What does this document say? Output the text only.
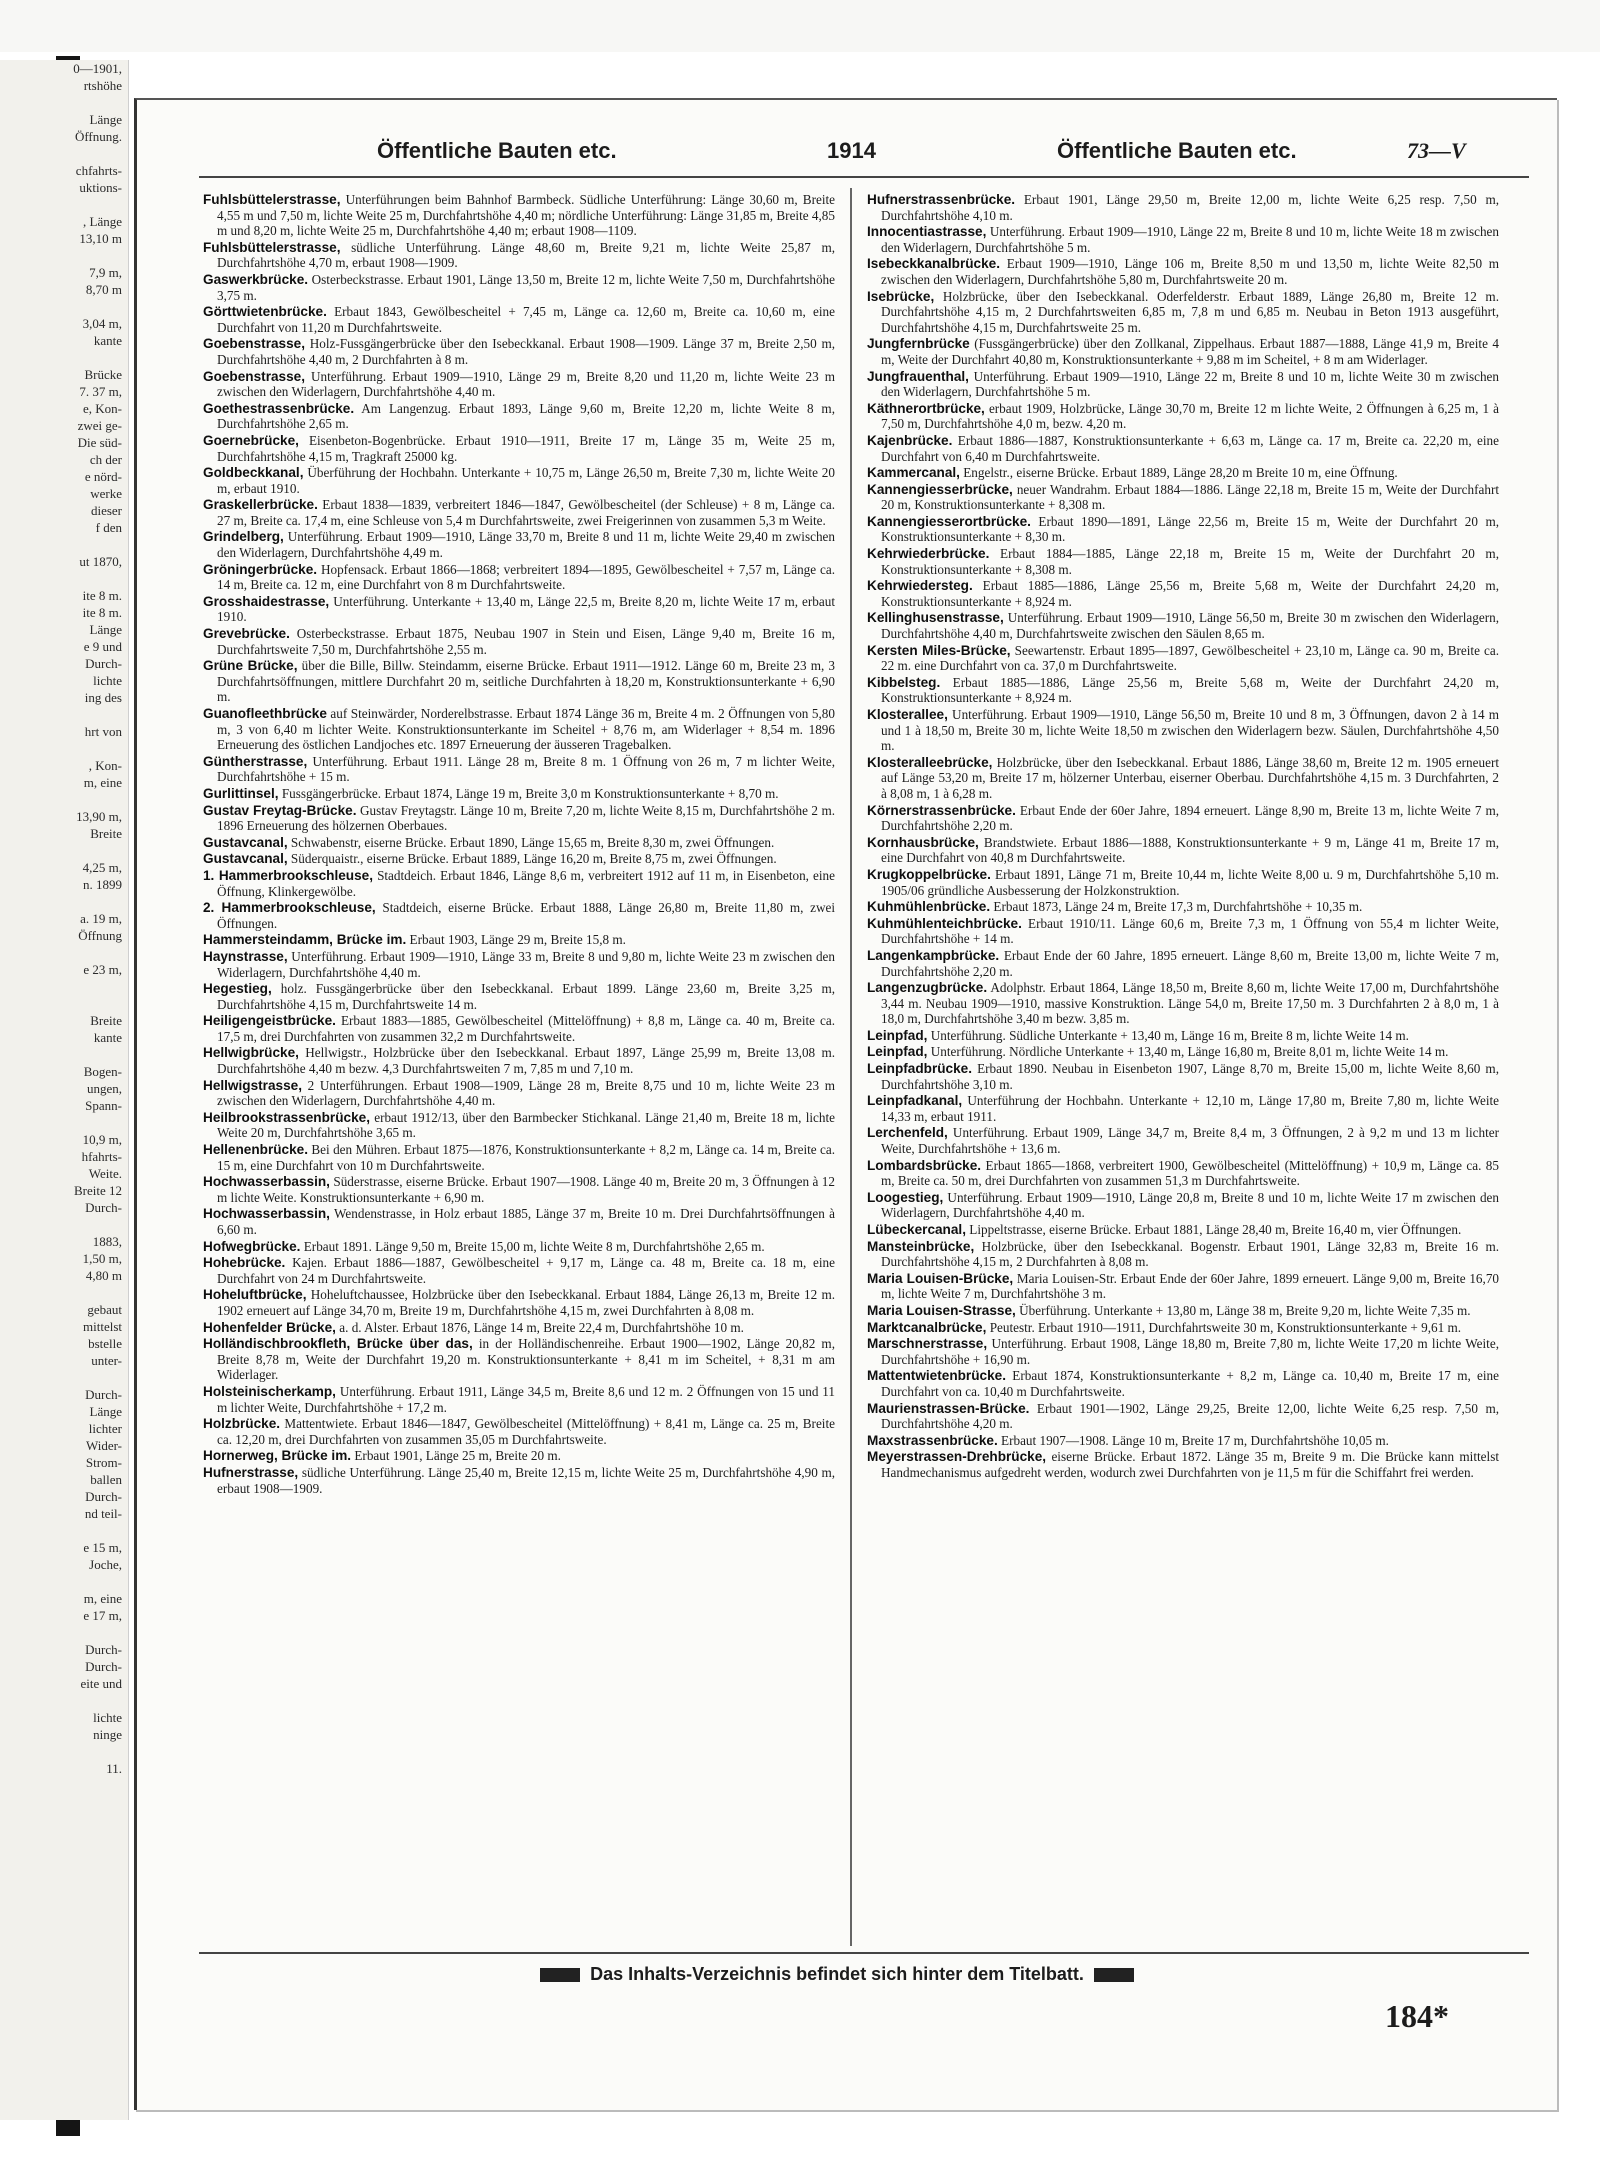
0—1901,
rtshöhe

Länge
Öffnung.

chfahrts-
uktions-

, Länge
13,10 m

7,9 m,
8,70 m

3,04 m,
kante

Brücke
7. 37 m,
e, Kon-
zwei ge-
Die süd-
ch der
e nörd-
werke
dieser
f den

ut 1870,

ite 8 m.
ite 8 m.
Länge
e 9 und
Durch-
lichte
ing des

hrt von

, Kon-
m, eine

13,90 m,
Breite

4,25 m,
n. 1899

a. 19 m,
Öffnung

e 23 m,

Breite
kante

Bogen-
ungen,
Spann-

10,9 m,
hfahrts-
Weite.
Breite 12
Durch-

1883,
1,50 m,
4,80 m

gebaut
mittelst
bstelle
unter-

Durch-
Länge
lichter
Wider-
Strom-
ballen
Durch-
nd teil-

e 15 m,
Joche,

m, eine
e 17 m,

Durch-
Durch-
eite und

lichte
ninge

11.
Öffentliche Bauten etc.	1914	Öffentliche Bauten etc.	73—V
Fuhlsbüttelerstrasse, Unterführungen beim Bahnhof Barmbeck. Südliche Unterführung: Länge 30,60 m, Breite 4,55 m und 7,50 m, lichte Weite 25 m, Durchfahrtshöhe 4,40 m; nördliche Unterführung: Länge 31,85 m, Breite 4,85 m und 8,20 m, lichte Weite 25 m, Durchfahrtshöhe 4,40 m; erbaut 1908—1109.
Fuhlsbüttelerstrasse, südliche Unterführung. Länge 48,60 m, Breite 9,21 m, lichte Weite 25,87 m, Durchfahrtshöhe 4,70 m, erbaut 1908—1909.
Gaswerkbrücke. Osterbeckstrasse. Erbaut 1901, Länge 13,50 m, Breite 12 m, lichte Weite 7,50 m, Durchfahrtshöhe 3,75 m.
Görttwietenbrücke. Erbaut 1843, Gewölbescheitel + 7,45 m, Länge ca. 12,60 m, Breite ca. 10,60 m, eine Durchfahrt von 11,20 m Durchfahrtsweite.
Goebenstrasse, Holz-Fussgängerbrücke über den Isebeckkanal. Erbaut 1908—1909. Länge 37 m, Breite 2,50 m, Durchfahrtshöhe 4,40 m, 2 Durchfahrten à 8 m.
Goebenstrasse, Unterführung. Erbaut 1909—1910, Länge 29 m, Breite 8,20 und 11,20 m, lichte Weite 23 m zwischen den Widerlagern, Durchfahrtshöhe 4,40 m.
Goethestrassenbrücke. Am Langenzug. Erbaut 1893, Länge 9,60 m, Breite 12,20 m, lichte Weite 8 m, Durchfahrtshöhe 2,65 m.
Goernebrücke, Eisenbeton-Bogenbrücke. Erbaut 1910—1911, Breite 17 m, Länge 35 m, Weite 25 m, Durchfahrtshöhe 4,15 m, Tragkraft 25000 kg.
Goldbeckkanal, Überführung der Hochbahn. Unterkante + 10,75 m, Länge 26,50 m, Breite 7,30 m, lichte Weite 20 m, erbaut 1910.
Graskellerbrücke. Erbaut 1838—1839, verbreitert 1846—1847, Gewölbescheitel (der Schleuse) + 8 m, Länge ca. 27 m, Breite ca. 17,4 m, eine Schleuse von 5,4 m Durchfahrtsweite, zwei Freigerinnen von zusammen 5,3 m Weite.
Grindelberg, Unterführung. Erbaut 1909—1910, Länge 33,70 m, Breite 8 und 11 m, lichte Weite 29,40 m zwischen den Widerlagern, Durchfahrtshöhe 4,49 m.
Gröningerbrücke. Hopfensack. Erbaut 1866—1868; verbreitert 1894—1895, Gewölbescheitel + 7,57 m, Länge ca. 14 m, Breite ca. 12 m, eine Durchfahrt von 8 m Durchfahrtsweite.
Grosshaidestrasse, Unterführung. Unterkante + 13,40 m, Länge 22,5 m, Breite 8,20 m, lichte Weite 17 m, erbaut 1910.
Grevebrücke. Osterbeckstrasse. Erbaut 1875, Neubau 1907 in Stein und Eisen, Länge 9,40 m, Breite 16 m, Durchfahrtsweite 7,50 m, Durchfahrtshöhe 2,55 m.
Grüne Brücke, über die Bille, Billw. Steindamm, eiserne Brücke. Erbaut 1911—1912. Länge 60 m, Breite 23 m, 3 Durchfahrtsöffnungen, mittlere Durchfahrt 20 m, seitliche Durchfahrten à 18,20 m, Konstruktionsunterkante + 6,90 m.
Guanofleethbrücke auf Steinwärder, Norderelbstrasse. Erbaut 1874 Länge 36 m, Breite 4 m. 2 Öffnungen von 5,80 m, 3 von 6,40 m lichter Weite. Konstruktionsunterkante im Scheitel + 8,76 m, am Widerlager + 8,54 m. 1896 Erneuerung des östlichen Landjoches etc. 1897 Erneuerung der äusseren Tragebalken.
Güntherstrasse, Unterführung. Erbaut 1911. Länge 28 m, Breite 8 m. 1 Öffnung von 26 m, 7 m lichter Weite, Durchfahrtshöhe + 15 m.
Gurlittinsel, Fussgängerbrücke. Erbaut 1874, Länge 19 m, Breite 3,0 m Konstruktionsunterkante + 8,70 m.
Gustav Freytag-Brücke. Gustav Freytagstr. Länge 10 m, Breite 7,20 m, lichte Weite 8,15 m, Durchfahrtshöhe 2 m. 1896 Erneuerung des hölzernen Oberbaues.
Gustavcanal, Schwabenstr, eiserne Brücke. Erbaut 1890, Länge 15,65 m, Breite 8,30 m, zwei Öffnungen.
Gustavcanal, Süderquaistr., eiserne Brücke. Erbaut 1889, Länge 16,20 m, Breite 8,75 m, zwei Öffnungen.
1. Hammerbrookschleuse, Stadtdeich. Erbaut 1846, Länge 8,6 m, verbreitert 1912 auf 11 m, in Eisenbeton, eine Öffnung, Klinkergewölbe.
2. Hammerbrookschleuse, Stadtdeich, eiserne Brücke. Erbaut 1888, Länge 26,80 m, Breite 11,80 m, zwei Öffnungen.
Hammersteindamm, Brücke im. Erbaut 1903, Länge 29 m, Breite 15,8 m.
Haynstrasse, Unterführung. Erbaut 1909—1910, Länge 33 m, Breite 8 und 9,80 m, lichte Weite 23 m zwischen den Widerlagern, Durchfahrtshöhe 4,40 m.
Hegestieg, holz. Fussgängerbrücke über den Isebeckkanal. Erbaut 1899. Länge 23,60 m, Breite 3,25 m, Durchfahrtshöhe 4,15 m, Durchfahrtsweite 14 m.
Heiligengeistbrücke. Erbaut 1883—1885, Gewölbescheitel (Mittelöffnung) + 8,8 m, Länge ca. 40 m, Breite ca. 17,5 m, drei Durchfahrten von zusammen 32,2 m Durchfahrtsweite.
Hellwigbrücke, Hellwigstr., Holzbrücke über den Isebeckkanal. Erbaut 1897, Länge 25,99 m, Breite 13,08 m. Durchfahrtshöhe 4,40 m bezw. 4,3 Durchfahrtsweiten 7 m, 7,85 m und 7,10 m.
Hellwigstrasse, 2 Unterführungen. Erbaut 1908—1909, Länge 28 m, Breite 8,75 und 10 m, lichte Weite 23 m zwischen den Widerlagern, Durchfahrtshöhe 4,40 m.
Heilbrookstrassenbrücke, erbaut 1912/13, über den Barmbecker Stichkanal. Länge 21,40 m, Breite 18 m, lichte Weite 20 m, Durchfahrtshöhe 3,65 m.
Hellenenbrücke. Bei den Mühren. Erbaut 1875—1876, Konstruktionsunterkante + 8,2 m, Länge ca. 14 m, Breite ca. 15 m, eine Durchfahrt von 10 m Durchfahrtsweite.
Hochwasserbassin, Süderstrasse, eiserne Brücke. Erbaut 1907—1908. Länge 40 m, Breite 20 m, 3 Öffnungen à 12 m lichte Weite. Konstruktionsunterkante + 6,90 m.
Hochwasserbassin, Wendenstrasse, in Holz erbaut 1885, Länge 37 m, Breite 10 m. Drei Durchfahrtsöffnungen à 6,60 m.
Hofwegbrücke. Erbaut 1891. Länge 9,50 m, Breite 15,00 m, lichte Weite 8 m, Durchfahrtshöhe 2,65 m.
Hohebrücke. Kajen. Erbaut 1886—1887, Gewölbescheitel + 9,17 m, Länge ca. 48 m, Breite ca. 18 m, eine Durchfahrt von 24 m Durchfahrtsweite.
Hoheluftbrücke, Hoheluftchaussee, Holzbrücke über den Isebeckkanal. Erbaut 1884, Länge 26,13 m, Breite 12 m. 1902 erneuert auf Länge 34,70 m, Breite 19 m, Durchfahrtshöhe 4,15 m, zwei Durchfahrten à 8,08 m.
Hohenfelder Brücke, a. d. Alster. Erbaut 1876, Länge 14 m, Breite 22,4 m, Durchfahrtshöhe 10 m.
Holländischbrookfleth, Brücke über das, in der Holländischenreihe. Erbaut 1900—1902, Länge 20,82 m, Breite 8,78 m, Weite der Durchfahrt 19,20 m. Konstruktionsunterkante + 8,41 m im Scheitel, + 8,31 m am Widerlager.
Holsteinischerkamp, Unterführung. Erbaut 1911, Länge 34,5 m, Breite 8,6 und 12 m. 2 Öffnungen von 15 und 11 m lichter Weite, Durchfahrtshöhe + 17,2 m.
Holzbrücke. Mattentwiete. Erbaut 1846—1847, Gewölbescheitel (Mittelöffnung) + 8,41 m, Länge ca. 25 m, Breite ca. 12,20 m, drei Durchfahrten von zusammen 35,05 m Durchfahrtsweite.
Hornerweg, Brücke im. Erbaut 1901, Länge 25 m, Breite 20 m.
Hufnerstrasse, südliche Unterführung. Länge 25,40 m, Breite 12,15 m, lichte Weite 25 m, Durchfahrtshöhe 4,90 m, erbaut 1908—1909.
Hufnerstrassenbrücke. Erbaut 1901, Länge 29,50 m, Breite 12,00 m, lichte Weite 6,25 resp. 7,50 m, Durchfahrtshöhe 4,10 m.
Innocentiastrasse, Unterführung. Erbaut 1909—1910, Länge 22 m, Breite 8 und 10 m, lichte Weite 18 m zwischen den Widerlagern, Durchfahrtshöhe 5 m.
Isebeckkanalbrücke. Erbaut 1909—1910, Länge 106 m, Breite 8,50 m und 13,50 m, lichte Weite 82,50 m zwischen den Widerlagern, Durchfahrtshöhe 5,80 m, Durchfahrtsweite 20 m.
Isebrücke, Holzbrücke, über den Isebeckkanal. Oderfelderstr. Erbaut 1889, Länge 26,80 m, Breite 12 m. Durchfahrtshöhe 4,15 m, 2 Durchfahrtsweiten 6,85 m, 7,8 m und 6,85 m. Neubau in Beton 1913 ausgeführt, Durchfahrtshöhe 4,15 m, Durchfahrtsweite 25 m.
Jungfernbrücke (Fussgängerbrücke) über den Zollkanal, Zippelhaus. Erbaut 1887—1888, Länge 41,9 m, Breite 4 m, Weite der Durchfahrt 40,80 m, Konstruktionsunterkante + 9,88 m im Scheitel, + 8 m am Widerlager.
Jungfrauenthal, Unterführung. Erbaut 1909—1910, Länge 22 m, Breite 8 und 10 m, lichte Weite 30 m zwischen den Widerlagern, Durchfahrtshöhe 5 m.
Käthnerortbrücke, erbaut 1909, Holzbrücke, Länge 30,70 m, Breite 12 m lichte Weite, 2 Öffnungen à 6,25 m, 1 à 7,50 m, Durchfahrtshöhe 4,0 m, bezw. 4,20 m.
Kajenbrücke. Erbaut 1886—1887, Konstruktionsunterkante + 6,63 m, Länge ca. 17 m, Breite ca. 22,20 m, eine Durchfahrt von 6,40 m Durchfahrtsweite.
Kammercanal, Engelstr., eiserne Brücke. Erbaut 1889, Länge 28,20 m Breite 10 m, eine Öffnung.
Kannengiesserbrücke, neuer Wandrahm. Erbaut 1884—1886. Länge 22,18 m, Breite 15 m, Weite der Durchfahrt 20 m, Konstruktionsunterkante + 8,308 m.
Kannengiesserortbrücke. Erbaut 1890—1891, Länge 22,56 m, Breite 15 m, Weite der Durchfahrt 20 m, Konstruktionsunterkante + 8,30 m.
Kehrwiederbrücke. Erbaut 1884—1885, Länge 22,18 m, Breite 15 m, Weite der Durchfahrt 20 m, Konstruktionsunterkante + 8,308 m.
Kehrwiedersteg. Erbaut 1885—1886, Länge 25,56 m, Breite 5,68 m, Weite der Durchfahrt 24,20 m, Konstruktionsunterkante + 8,924 m.
Kellinghusenstrasse, Unterführung. Erbaut 1909—1910, Länge 56,50 m, Breite 30 m zwischen den Widerlagern, Durchfahrtshöhe 4,40 m, Durchfahrtsweite zwischen den Säulen 8,65 m.
Kersten Miles-Brücke, Seewartenstr. Erbaut 1895—1897, Gewölbescheitel + 23,10 m, Länge ca. 90 m, Breite ca. 22 m. eine Durchfahrt von ca. 37,0 m Durchfahrtsweite.
Kibbelsteg. Erbaut 1885—1886, Länge 25,56 m, Breite 5,68 m, Weite der Durchfahrt 24,20 m, Konstruktionsunterkante + 8,924 m.
Klosterallee, Unterführung. Erbaut 1909—1910, Länge 56,50 m, Breite 10 und 8 m, 3 Öffnungen, davon 2 à 14 m und 1 à 18,50 m, Breite 30 m, lichte Weite 18,50 m zwischen den Widerlagern bezw. Säulen, Durchfahrtshöhe 4,50 m.
Klosteralleebrücke, Holzbrücke, über den Isebeckkanal. Erbaut 1886, Länge 38,60 m, Breite 12 m. 1905 erneuert auf Länge 53,20 m, Breite 17 m, hölzerner Unterbau, eiserner Oberbau. Durchfahrtshöhe 4,15 m. 3 Durchfahrten, 2 à 8,08 m, 1 à 6,28 m.
Körnerstrassenbrücke. Erbaut Ende der 60er Jahre, 1894 erneuert. Länge 8,90 m, Breite 13 m, lichte Weite 7 m, Durchfahrtshöhe 2,20 m.
Kornhausbrücke, Brandstwiete. Erbaut 1886—1888, Konstruktionsunterkante + 9 m, Länge 41 m, Breite 17 m, eine Durchfahrt von 40,8 m Durchfahrtsweite.
Krugkoppelbrücke. Erbaut 1891, Länge 71 m, Breite 10,44 m, lichte Weite 8,00 u. 9 m, Durchfahrtshöhe 5,10 m. 1905/06 gründliche Ausbesserung der Holzkonstruktion.
Kuhmühlenbrücke. Erbaut 1873, Länge 24 m, Breite 17,3 m, Durchfahrtshöhe + 10,35 m.
Kuhmühlenteichbrücke. Erbaut 1910/11. Länge 60,6 m, Breite 7,3 m, 1 Öffnung von 55,4 m lichter Weite, Durchfahrtshöhe + 14 m.
Langenkampbrücke. Erbaut Ende der 60 Jahre, 1895 erneuert. Länge 8,60 m, Breite 13,00 m, lichte Weite 7 m, Durchfahrtshöhe 2,20 m.
Langenzugbrücke. Adolphstr. Erbaut 1864, Länge 18,50 m, Breite 8,60 m, lichte Weite 17,00 m, Durchfahrtshöhe 3,44 m. Neubau 1909—1910, massive Konstruktion. Länge 54,0 m, Breite 17,50 m. 3 Durchfahrten 2 à 8,0 m, 1 à 18,0 m, Durchfahrtshöhe 3,40 m bezw. 3,85 m.
Leinpfad, Unterführung. Südliche Unterkante + 13,40 m, Länge 16 m, Breite 8 m, lichte Weite 14 m.
Leinpfad, Unterführung. Nördliche Unterkante + 13,40 m, Länge 16,80 m, Breite 8,01 m, lichte Weite 14 m.
Leinpfadbrücke. Erbaut 1890. Neubau in Eisenbeton 1907, Länge 8,70 m, Breite 15,00 m, lichte Weite 8,60 m, Durchfahrtshöhe 3,10 m.
Leinpfadkanal, Unterführung der Hochbahn. Unterkante + 12,10 m, Länge 17,80 m, Breite 7,80 m, lichte Weite 14,33 m, erbaut 1911.
Lerchenfeld, Unterführung. Erbaut 1909, Länge 34,7 m, Breite 8,4 m, 3 Öffnungen, 2 à 9,2 m und 13 m lichter Weite, Durchfahrtshöhe + 13,6 m.
Lombardsbrücke. Erbaut 1865—1868, verbreitert 1900, Gewölbescheitel (Mittelöffnung) + 10,9 m, Länge ca. 85 m, Breite ca. 50 m, drei Durchfahrten von zusammen 51,3 m Durchfahrtsweite.
Loogestieg, Unterführung. Erbaut 1909—1910, Länge 20,8 m, Breite 8 und 10 m, lichte Weite 17 m zwischen den Widerlagern, Durchfahrtshöhe 4,40 m.
Lübeckercanal, Lippeltstrasse, eiserne Brücke. Erbaut 1881, Länge 28,40 m, Breite 16,40 m, vier Öffnungen.
Mansteinbrücke, Holzbrücke, über den Isebeckkanal. Bogenstr. Erbaut 1901, Länge 32,83 m, Breite 16 m. Durchfahrtshöhe 4,15 m, 2 Durchfahrten à 8,08 m.
Maria Louisen-Brücke, Maria Louisen-Str. Erbaut Ende der 60er Jahre, 1899 erneuert. Länge 9,00 m, Breite 16,70 m, lichte Weite 7 m, Durchfahrtshöhe 3 m.
Maria Louisen-Strasse, Überführung. Unterkante + 13,80 m, Länge 38 m, Breite 9,20 m, lichte Weite 7,35 m.
Marktcanalbrücke, Peutestr. Erbaut 1910—1911, Durchfahrtsweite 30 m, Konstruktionsunterkante + 9,61 m.
Marschnerstrasse, Unterführung. Erbaut 1908, Länge 18,80 m, Breite 7,80 m, lichte Weite 17,20 m lichte Weite, Durchfahrtshöhe + 16,90 m.
Mattentwietenbrücke. Erbaut 1874, Konstruktionsunterkante + 8,2 m, Länge ca. 10,40 m, Breite 17 m, eine Durchfahrt von ca. 10,40 m Durchfahrtsweite.
Maurienstrassen-Brücke. Erbaut 1901—1902, Länge 29,25, Breite 12,00, lichte Weite 6,25 resp. 7,50 m, Durchfahrtshöhe 4,20 m.
Maxstrassenbrücke. Erbaut 1907—1908. Länge 10 m, Breite 17 m, Durchfahrtshöhe 10,05 m.
Meyerstrassen-Drehbrücke, eiserne Brücke. Erbaut 1872. Länge 35 m, Breite 9 m. Die Brücke kann mittelst Handmechanismus aufgedreht werden, wodurch zwei Durchfahrten von je 11,5 m für die Schiffahrt frei werden.
Das Inhalts-Verzeichnis befindet sich hinter dem Titelbatt.
184*
